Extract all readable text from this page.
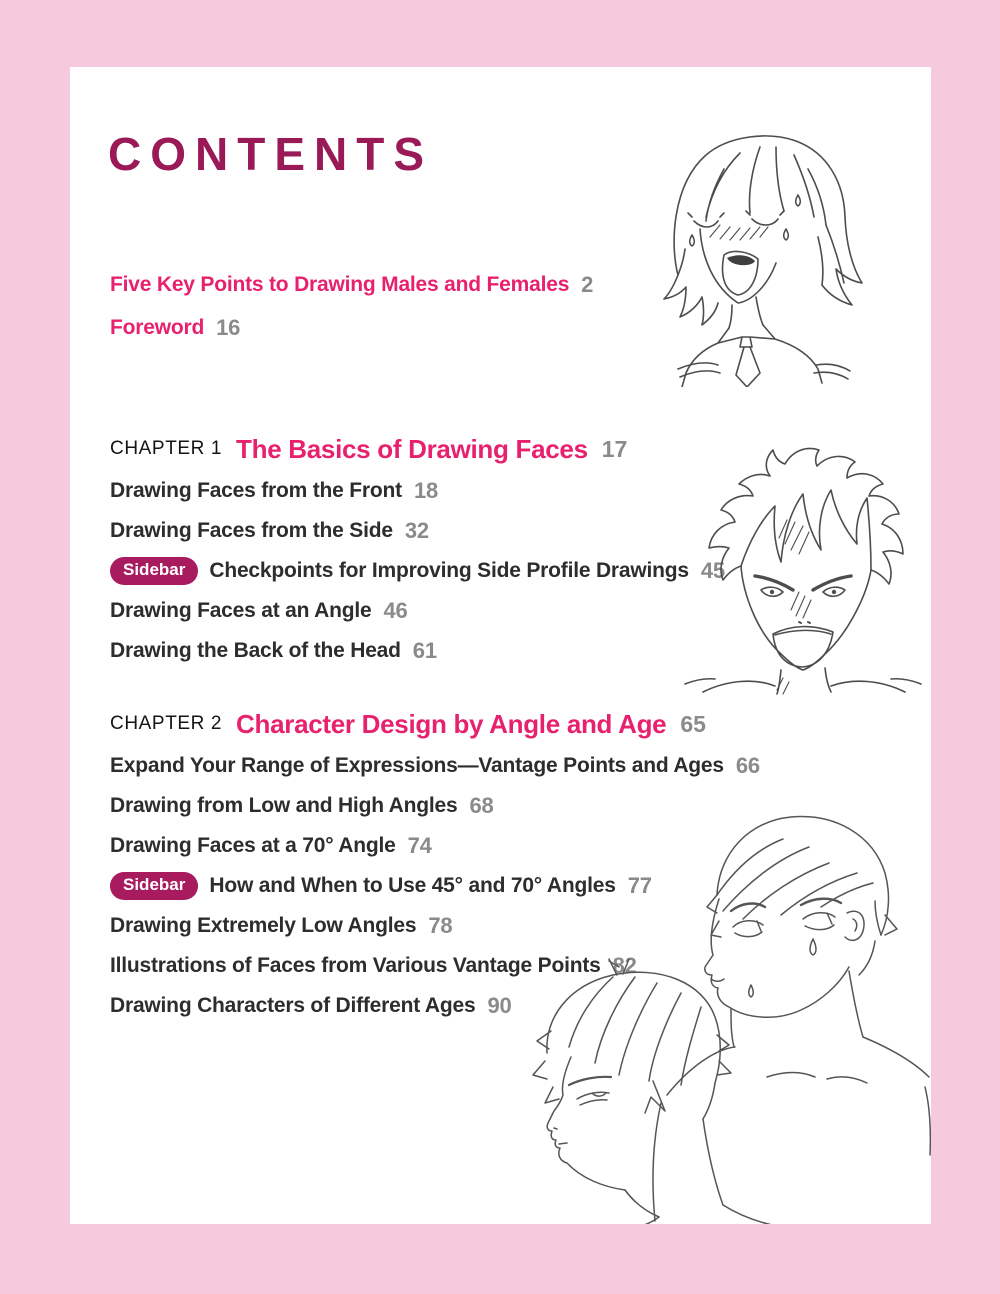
CONTENTS
Five Key Points to Drawing Males and Females 2
Foreword 16
CHAPTER 1 The Basics of Drawing Faces 17
Drawing Faces from the Front 18
Drawing Faces from the Side 32
Sidebar	Checkpoints for Improving Side Profile Drawings 45
Drawing Faces at an Angle 46
Drawing the Back of the Head 61
CHAPTER 2 Character Design by Angle and Age 65
Expand Your Range of Expressions—Vantage Points and Ages 66
Drawing from Low and High Angles 68
Drawing Faces at a 70° Angle 74
Sidebar	How and When to Use 45° and 70° Angles 77
Drawing Extremely Low Angles 78
Illustrations of Faces from Various Vantage Points 82
Drawing Characters of Different Ages 90
